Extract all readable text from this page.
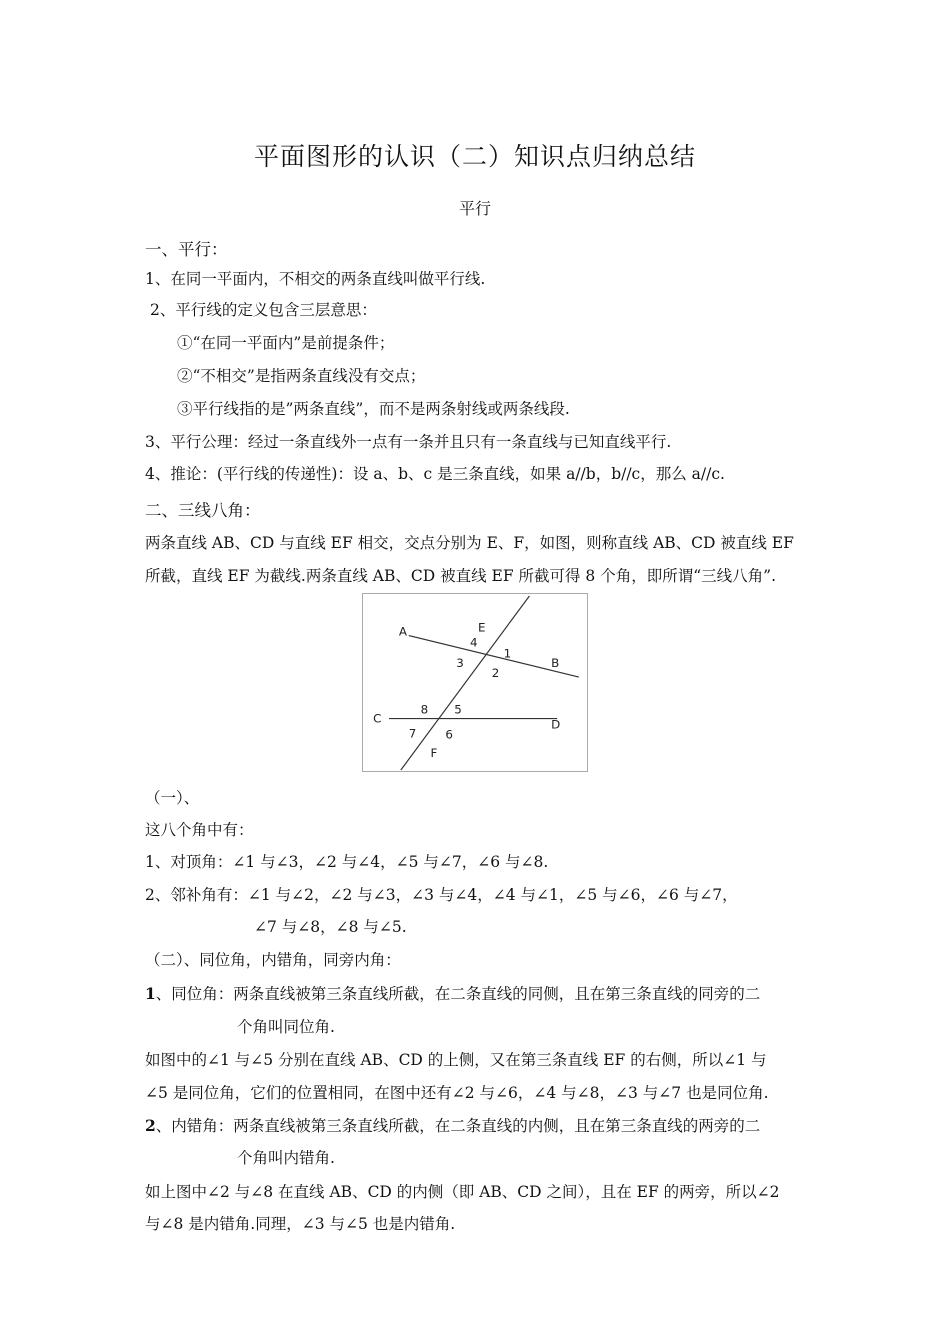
平面图形的认识（二）知识点归纳总结
平行
一、平行：
1、在同一平面内，不相交的两条直线叫做平行线.
2、平行线的定义包含三层意思：
①“在同一平面内”是前提条件；
②“不相交”是指两条直线没有交点；
③平行线指的是”两条直线”，而不是两条射线或两条线段.
3、平行公理：经过一条直线外一点有一条并且只有一条直线与已知直线平行.
4、推论：(平行线的传递性)：设 a、b、c 是三条直线，如果 a//b，b//c，那么 a//c.
二、三线八角：
两条直线 AB、CD 与直线 EF 相交，交点分别为 E、F，如图，则称直线 AB、CD 被直线 EF
所截，直线 EF 为截线.两条直线 AB、CD 被直线 EF 所截可得 8 个角，即所谓“三线八角”.
A
B
C	D
E
F
4
1
3
2
8 5
7 6
（一）、
这八个角中有：
1、对顶角：∠1 与∠3，∠2 与∠4，∠5 与∠7，∠6 与∠8.
2、邻补角有：∠1 与∠2，∠2 与∠3，∠3 与∠4，∠4 与∠1，∠5 与∠6，∠6 与∠7，
∠7 与∠8，∠8 与∠5.
（二）、同位角，内错角，同旁内角：
1、同位角：两条直线被第三条直线所截，在二条直线的同侧，且在第三条直线的同旁的二
个角叫同位角.
如图中的∠1 与∠5 分别在直线 AB、CD 的上侧，又在第三条直线 EF 的右侧，所以∠1 与
∠5 是同位角，它们的位置相同，在图中还有∠2 与∠6，∠4 与∠8，∠3 与∠7 也是同位角.
2、内错角：两条直线被第三条直线所截，在二条直线的内侧，且在第三条直线的两旁的二
个角叫内错角.
如上图中∠2 与∠8 在直线 AB、CD 的内侧（即 AB、CD 之间），且在 EF 的两旁，所以∠2
与∠8 是内错角.同理，∠3 与∠5 也是内错角.
